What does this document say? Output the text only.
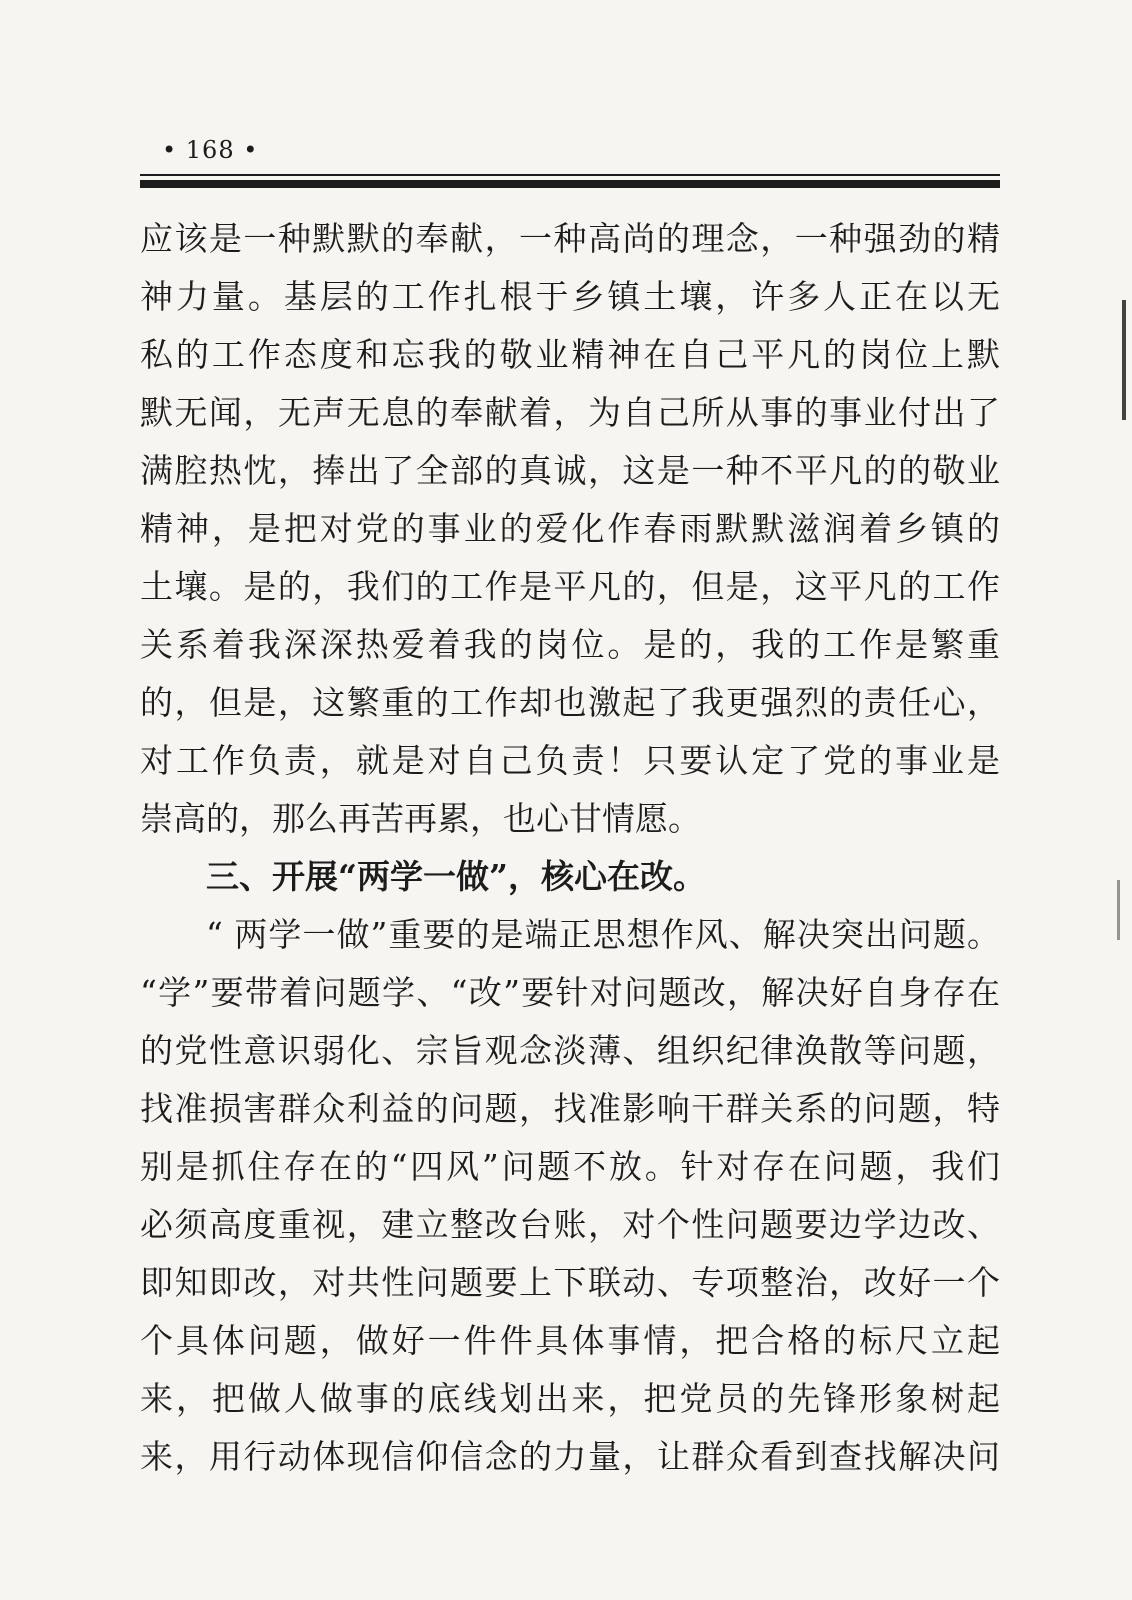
• 168 •
应该是一种默默的奉献，一种高尚的理念，一种强劲的精
神力量。基层的工作扎根于乡镇土壤，许多人正在以无
私的工作态度和忘我的敬业精神在自己平凡的岗位上默
默无闻，无声无息的奉献着，为自己所从事的事业付出了
满腔热忱，捧出了全部的真诚，这是一种不平凡的的敬业
精神，是把对党的事业的爱化作春雨默默滋润着乡镇的
土壤。是的，我们的工作是平凡的，但是，这平凡的工作
关系着我深深热爱着我的岗位。是的，我的工作是繁重
的，但是，这繁重的工作却也激起了我更强烈的责任心，
对工作负责，就是对自己负责！只要认定了党的事业是
崇高的，那么再苦再累，也心甘情愿。
三、开展“两学一做”，核心在改。
“ 两学一做”重要的是端正思想作风、解决突出问题。
“学”要带着问题学、“改”要针对问题改，解决好自身存在
的党性意识弱化、宗旨观念淡薄、组织纪律涣散等问题，
找准损害群众利益的问题，找准影响干群关系的问题，特
别是抓住存在的“四风”问题不放。针对存在问题，我们
必须高度重视，建立整改台账，对个性问题要边学边改、
即知即改，对共性问题要上下联动、专项整治，改好一个
个具体问题，做好一件件具体事情，把合格的标尺立起
来，把做人做事的底线划出来，把党员的先锋形象树起
来，用行动体现信仰信念的力量，让群众看到查找解决问
